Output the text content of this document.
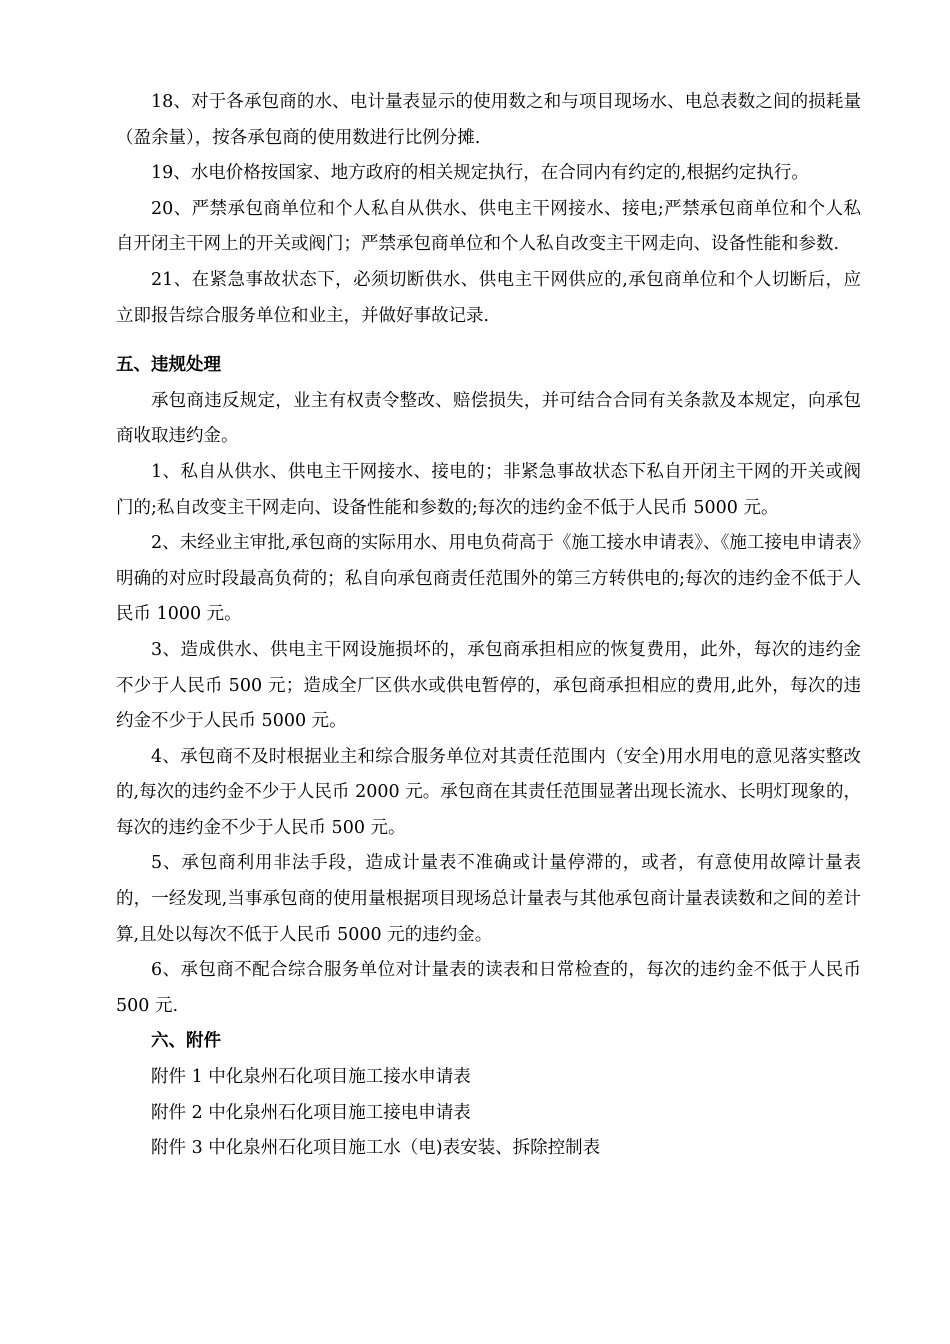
18、对于各承包商的水、电计量表显示的使用数之和与项目现场水、电总表数之间的损耗量（盈余量），按各承包商的使用数进行比例分摊.

19、水电价格按国家、地方政府的相关规定执行，在合同内有约定的,根据约定执行。

20、严禁承包商单位和个人私自从供水、供电主干网接水、接电;严禁承包商单位和个人私自开闭主干网上的开关或阀门；严禁承包商单位和个人私自改变主干网走向、设备性能和参数.

21、在紧急事故状态下，必须切断供水、供电主干网供应的,承包商单位和个人切断后，应立即报告综合服务单位和业主，并做好事故记录.

五、违规处理

承包商违反规定，业主有权责令整改、赔偿损失，并可结合合同有关条款及本规定，向承包商收取违约金。

1、私自从供水、供电主干网接水、接电的；非紧急事故状态下私自开闭主干网的开关或阀门的;私自改变主干网走向、设备性能和参数的;每次的违约金不低于人民币 5000 元。

2、未经业主审批,承包商的实际用水、用电负荷高于《施工接水申请表》、《施工接电申请表》明确的对应时段最高负荷的；私自向承包商责任范围外的第三方转供电的;每次的违约金不低于人民币 1000 元。

3、造成供水、供电主干网设施损坏的，承包商承担相应的恢复费用，此外，每次的违约金不少于人民币 500 元；造成全厂区供水或供电暂停的，承包商承担相应的费用,此外，每次的违约金不少于人民币 5000 元。

4、承包商不及时根据业主和综合服务单位对其责任范围内（安全)用水用电的意见落实整改的,每次的违约金不少于人民币 2000 元。承包商在其责任范围显著出现长流水、长明灯现象的，每次的违约金不少于人民币 500 元。

5、承包商利用非法手段，造成计量表不准确或计量停滞的，或者，有意使用故障计量表的，一经发现,当事承包商的使用量根据项目现场总计量表与其他承包商计量表读数和之间的差计算,且处以每次不低于人民币 5000 元的违约金。

6、承包商不配合综合服务单位对计量表的读表和日常检查的，每次的违约金不低于人民币 500 元.

六、附件

附件 1 中化泉州石化项目施工接水申请表

附件 2 中化泉州石化项目施工接电申请表

附件 3 中化泉州石化项目施工水（电)表安装、拆除控制表
